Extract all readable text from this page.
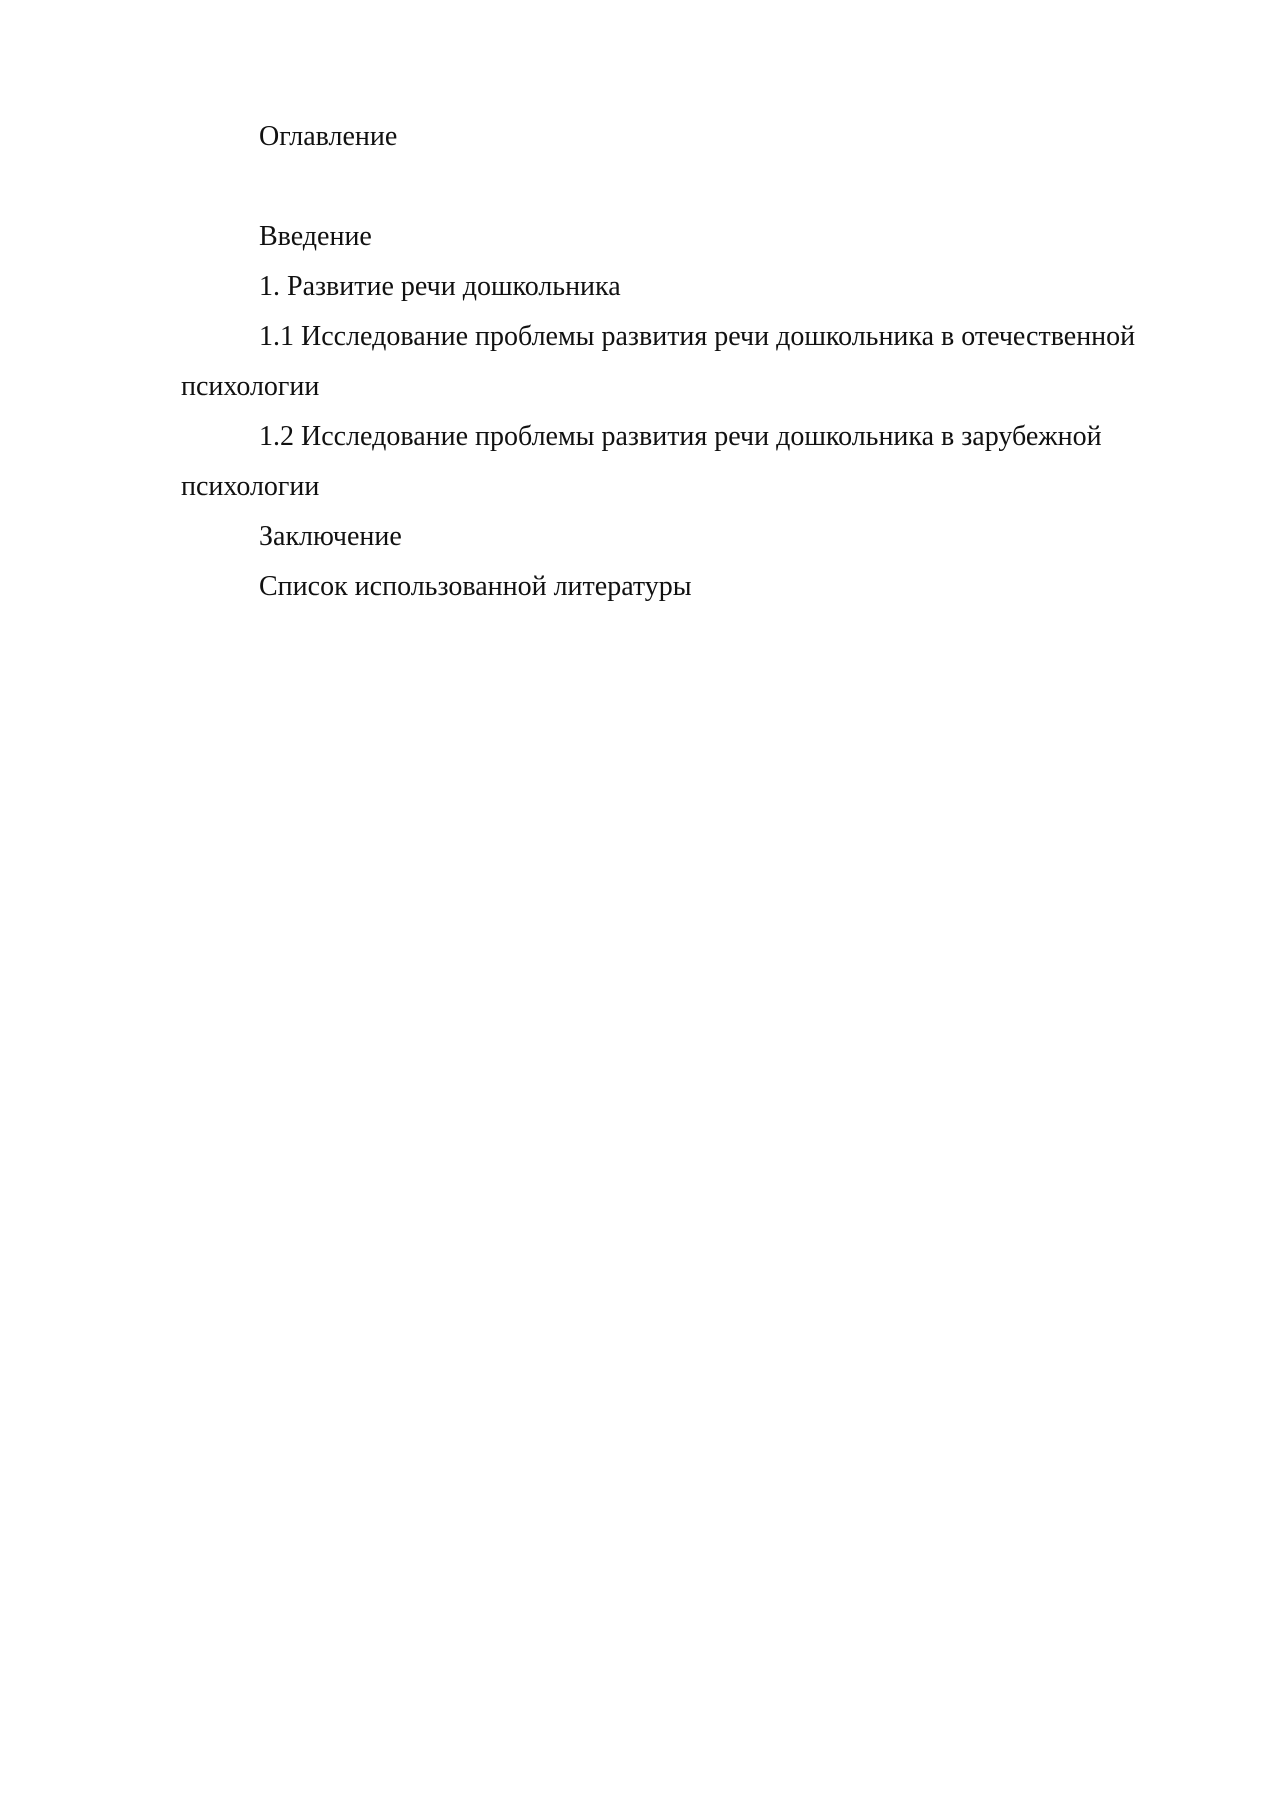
Оглавление

Введение

1. Развитие речи дошкольника

1.1 Исследование проблемы развития речи дошкольника в отечественной психологии

1.2 Исследование проблемы развития речи дошкольника в зарубежной психологии

Заключение

Список использованной литературы
